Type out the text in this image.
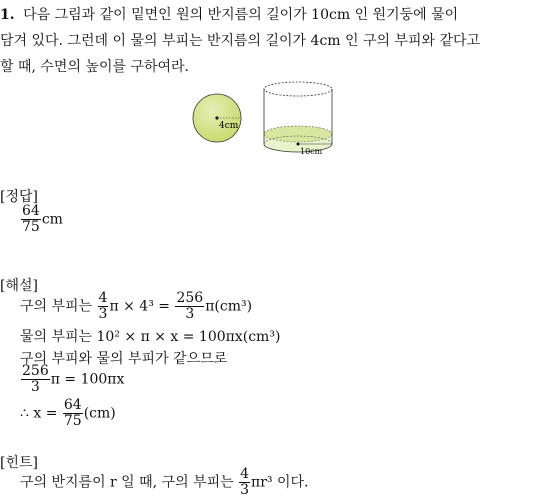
1. 다음 그림과 같이 밑면인 원의 반지름의 길이가 10cm 인 원기둥에 물이
담겨 있다. 그런데 이 물의 부피는 반지름의 길이가 4cm 인 구의 부피와 같다고
할 때, 수면의 높이를 구하여라.
4cm
10cm
[정답]
$\frac{64}{75}$ cm
[해설]
구의 부피는 $\frac{4}{3}$ $\pi \times 4^3 = \frac{256}{3} \pi(cm^3)$
물의 부피는 10² × π × x = 100πx(cm³)
구의 부피와 물의 부피가 같으므로
$\frac{256}{3}$ π = 100πx
∴ $x = \frac{64}{75} (cm)$
[힌트]
구의 반지름이 r 일 때, 구의 부피는 $\frac{4}{3} \pi r^3$ 이다.
